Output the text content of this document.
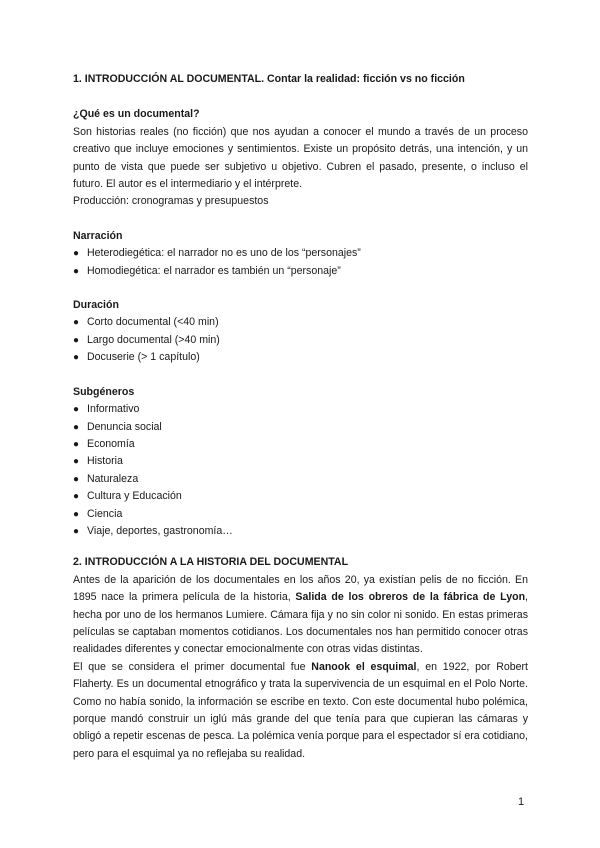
1. INTRODUCCIÓN AL DOCUMENTAL. Contar la realidad: ficción vs no ficción

¿Qué es un documental?

Son historias reales (no ficción) que nos ayudan a conocer el mundo a través de un proceso creativo que incluye emociones y sentimientos. Existe un propósito detrás, una intención, y un punto de vista que puede ser subjetivo u objetivo. Cubren el pasado, presente, o incluso el futuro. El autor es el intermediario y el intérprete.

Producción: cronogramas y presupuestos

Narración

● Heterodiegética: el narrador no es uno de los “personajes”
● Homodiegética: el narrador es también un “personaje”

Duración

● Corto documental (<40 min)
● Largo documental (>40 min)
● Docuserie (> 1 capítulo)

Subgéneros

● Informativo
● Denuncia social
● Economía
● Historia
● Naturaleza
● Cultura y Educación
● Ciencia
● Viaje, deportes, gastronomía…

2. INTRODUCCIÓN A LA HISTORIA DEL DOCUMENTAL

Antes de la aparición de los documentales en los años 20, ya existían pelis de no ficción. En 1895 nace la primera película de la historia, Salida de los obreros de la fábrica de Lyon, hecha por uno de los hermanos Lumiere. Cámara fija y no sin color ni sonido. En estas primeras películas se captaban momentos cotidianos. Los documentales nos han permitido conocer otras realidades diferentes y conectar emocionalmente con otras vidas distintas.

El que se considera el primer documental fue Nanook el esquimal, en 1922, por Robert Flaherty. Es un documental etnográfico y trata la supervivencia de un esquimal en el Polo Norte. Como no había sonido, la información se escribe en texto. Con este documental hubo polémica, porque mandó construir un iglú más grande del que tenía para que cupieran las cámaras y obligó a repetir escenas de pesca. La polémica venía porque para el espectador sí era cotidiano, pero para el esquimal ya no reflejaba su realidad.

1
